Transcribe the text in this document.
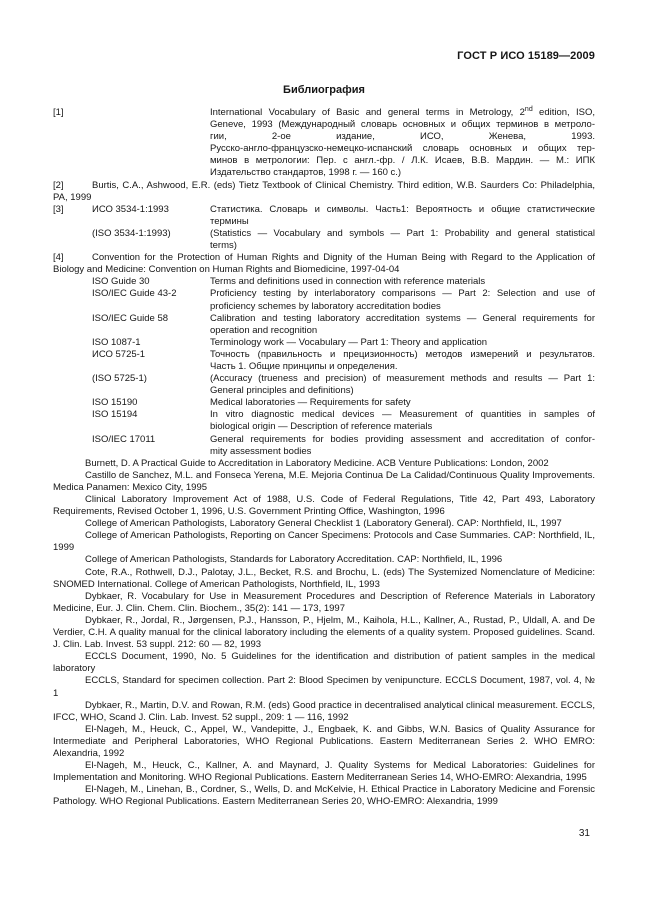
ГОСТ Р ИСО 15189—2009
Библиография
[1]	International Vocabulary of Basic and general terms in Metrology, 2nd edition, ISO,
Geneve, 1993 (Международный словарь основных и общих терминов в метроло-
гии, 2-ое издание, ИСО, Женева, 1993.
Русско-англо-французско-немецко-испанский словарь основных и общих тер-
минов в метрологии: Пер. с англ.-фр. / Л.К. Исаев, В.В. Мардин. — М.: ИПК
Издательство стандартов, 1998 г. — 160 с.)
[2]	Burtis, C.A., Ashwood, E.R. (eds) Tietz Textbook of Clinical Chemistry. Third edition, W.B. Saurders Co: Philadelphia, PA, 1999
[3]	ИСО 3534-1:1993	Статистика. Словарь и символы. Часть1: Вероятность и общие статистические
термины
(ISO 3534-1:1993)	(Statistics — Vocabulary and symbols — Part 1: Probability and general statistical
terms)
[4]	Convention for the Protection of Human Rights and Dignity of the Human Being with Regard to the Application of Biology and Medicine: Convention on Human Rights and Biomedicine, 1997-04-04
ISO Guide 30	Terms and definitions used in connection with reference materials
ISO/IEC Guide 43-2	Proficiency testing by interlaboratory comparisons — Part 2: Selection and use of
proficiency schemes by laboratory accreditation bodies
ISO/IEC Guide 58	Calibration and testing laboratory accreditation systems — General requirements for
operation and recognition
ISO 1087-1	Terminology work — Vocabulary — Part 1: Theory and application
ИСО 5725-1	Точность (правильность и прецизионность) методов измерений и результатов.
Часть 1. Общие принципы и определения.
(ISO 5725-1)	(Accuracy (trueness and precision) of measurement methods and results — Part 1:
General principles and definitions)
ISO 15190	Medical laboratories — Requirements for safety
ISO 15194	In vitro diagnostic medical devices — Measurement of quantities in samples of
biological origin — Description of reference materials
ISO/IEC 17011	General requirements for bodies providing assessment and accreditation of confor-
mity assessment bodies
Burnett, D. A Practical Guide to Accreditation in Laboratory Medicine. ACB Venture Publications: London, 2002
Castillo de Sanchez, M.L. and Fonseca Yerena, M.E. Mejoria Continua De La Calidad/Continuous Quality Improvements. Medica Panamen: Mexico City, 1995
Clinical Laboratory Improvement Act of 1988, U.S. Code of Federal Regulations, Title 42, Part 493, Laboratory Requirements, Revised October 1, 1996, U.S. Government Printing Office, Washington, 1996
College of American Pathologists, Laboratory General Checklist 1 (Laboratory General). CAP: Northfield, IL, 1997
College of American Pathologists, Reporting on Cancer Specimens: Protocols and Case Summaries. CAP: Northfield, IL, 1999
College of American Pathologists, Standards for Laboratory Accreditation. CAP: Northfield, IL, 1996
Cote, R.A., Rothwell, D.J., Palotay, J.L., Becket, R.S. and Brochu, L. (eds) The Systemized Nomenclature of Medicine: SNOMED International. College of American Pathologists, Northfield, IL, 1993
Dybkaer, R. Vocabulary for Use in Measurement Procedures and Description of Reference Materials in Laboratory Medicine, Eur. J. Clin. Chem. Clin. Biochem., 35(2): 141 — 173, 1997
Dybkaer, R., Jordal, R., Jørgensen, P.J., Hansson, P., Hjelm, M., Kaihola, H.L., Kallner, A., Rustad, P., Uldall, A. and De Verdier, C.H. A quality manual for the clinical laboratory including the elements of a quality system. Proposed guidelines. Scand. J. Clin. Lab. Invest. 53 suppl. 212: 60 — 82, 1993
ECCLS Document, 1990, No. 5 Guidelines for the identification and distribution of patient samples in the medical laboratory
ECCLS, Standard for specimen collection. Part 2: Blood Specimen by venipuncture. ECCLS Document, 1987, vol. 4, № 1
Dybkaer, R., Martin, D.V. and Rowan, R.M. (eds) Good practice in decentralised analytical clinical measurement. ECCLS, IFCC, WHO, Scand J. Clin. Lab. Invest. 52 suppl., 209: 1 — 116, 1992
El-Nageh, M., Heuck, C., Appel, W., Vandepitte, J., Engbaek, K. and Gibbs, W.N. Basics of Quality Assurance for Intermediate and Peripheral Laboratories, WHO Regional Publications. Eastern Mediterranean Series 2. WHO EMRO: Alexandria, 1992
El-Nageh, M., Heuck, C., Kallner, A. and Maynard, J. Quality Systems for Medical Laboratories: Guidelines for Implementation and Monitoring. WHO Regional Publications. Eastern Mediterranean Series 14, WHO-EMRO: Alexandria, 1995
El-Nageh, M., Linehan, B., Cordner, S., Wells, D. and McKelvie, H. Ethical Practice in Laboratory Medicine and Forensic Pathology. WHO Regional Publications. Eastern Mediterranean Series 20, WHO-EMRO: Alexandria, 1999
31
